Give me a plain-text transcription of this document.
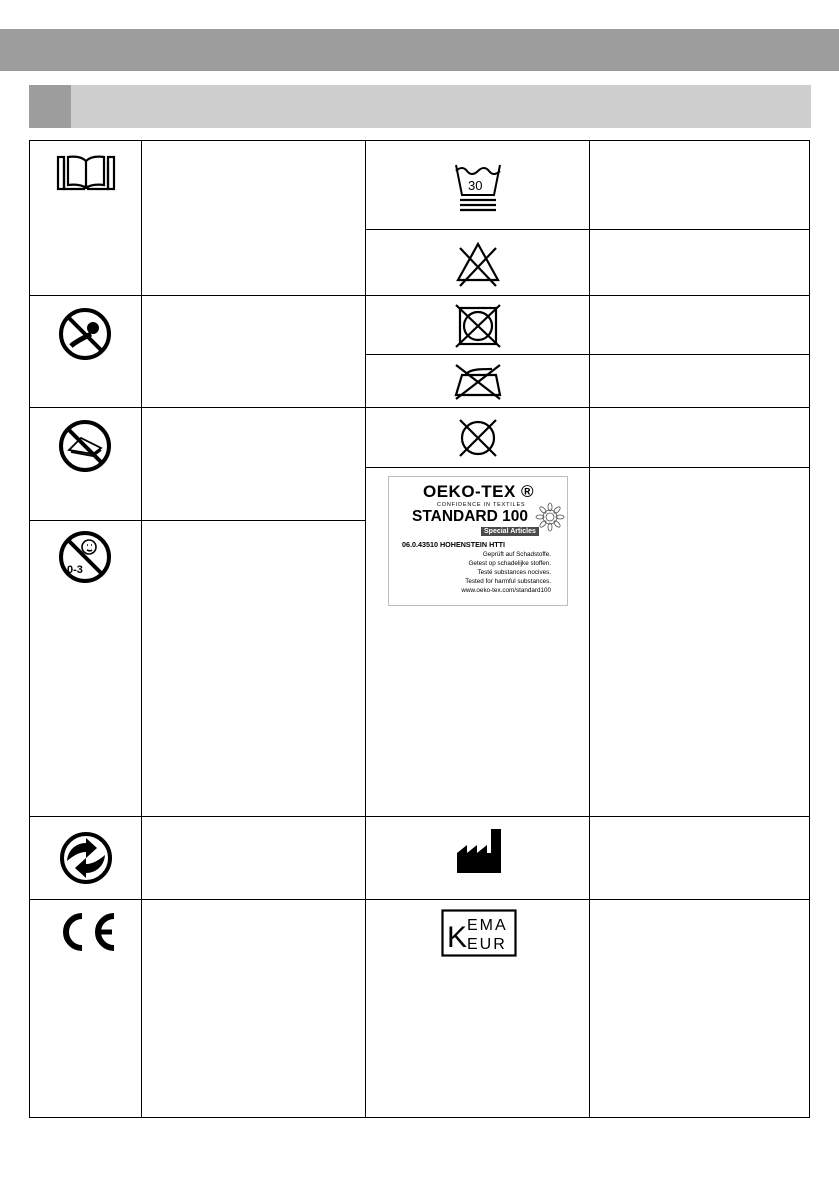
0-3
30
K EMA
EUR
OEKO-TEX ®
CONFIDENCE IN TEXTILES
STANDARD 100
Special Articles
06.0.43510 HOHENSTEIN HTTI
Geprüft auf Schadstoffe.
Getest op schadelijke stoffen.
Testé substances nocives.
Tested for harmful substances.
www.oeko-tex.com/standard100
